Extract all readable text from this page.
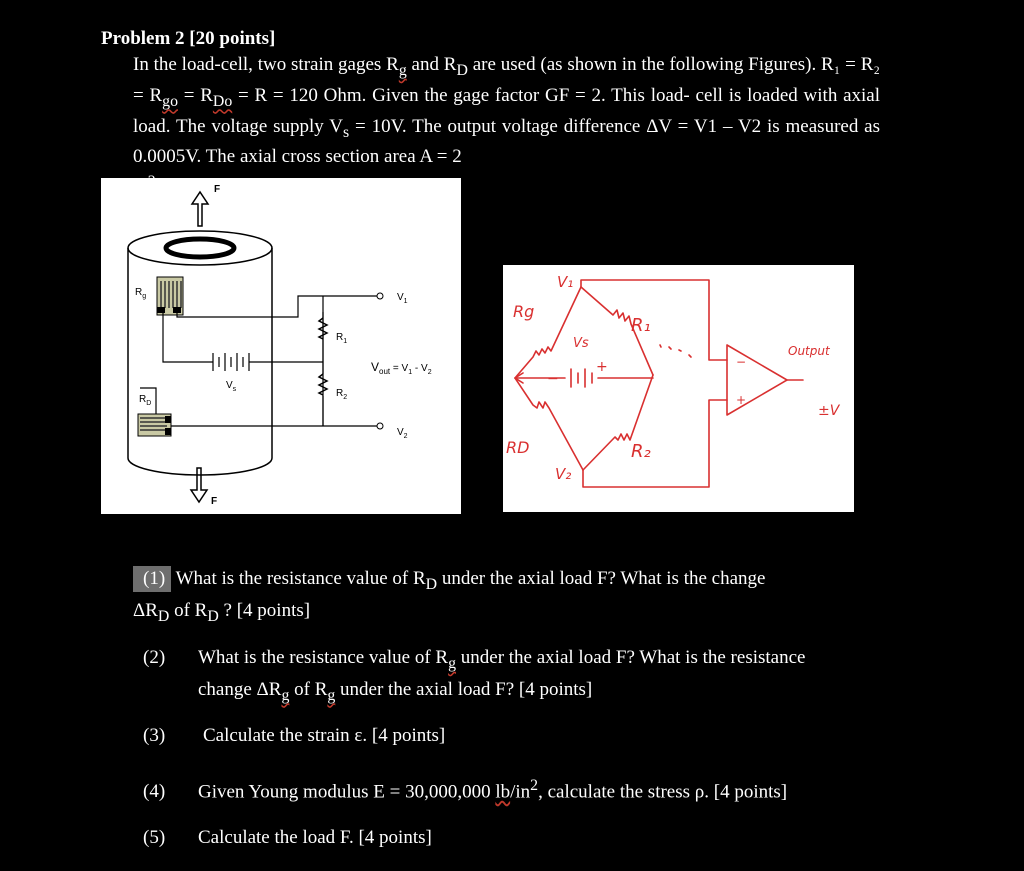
Problem 2 [20 points]
In the load-cell, two strain gages $R_g$ and $R_D$ are used (as shown in the following Figures). $R_1 = R_2 = R_{go} = R_{Do} = R = 120$ Ohm. Given the gage factor GF = 2. This load- cell is loaded with axial load. The voltage supply $V_s = 10V$. The output voltage difference ΔV = V1 – V2 is measured as 0.0005V. The axial cross section area A = 2

F
$R_g$
$R_D$
$V_s$
$R_1$
$R_2$
$V_1$
$V_2$
$V_{out}$ $^{= V}_1$ $^{- V}_2$
F
Rg
RD
R₁
R₂
V₁
V₂
Vs
−
+	−
+
Output
±V
(1) What is the resistance value of $R_D$ under the axial load F? What is the change
$\Delta R_D$ of $R_D$ ? [4 points]
(2) What is the resistance value of $R_g$ under the axial load F? What is the resistance
change $\Delta R_g$ of $R_g$ under the axial load F? [4 points]
(3) Calculate the strain ε. [4 points]
(4) Given Young modulus E = 30,000,000 $lb/in^2$, calculate the stress ρ. [4 points]
(5) Calculate the load F. [4 points]
